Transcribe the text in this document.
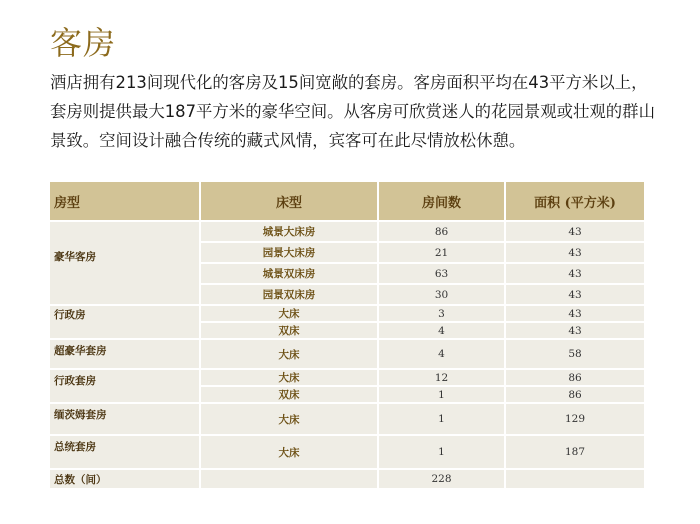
客房
酒店拥有213间现代化的客房及15间宽敞的套房。客房面积平均在43平方米以上，套房则提供最大187平方米的豪华空间。从客房可欣赏迷人的花园景观或壮观的群山景致。空间设计融合传统的藏式风情，宾客可在此尽情放松休憩。
房型	床型	房间数	面积 (平方米)
豪华客房	城景大床房	86	43
	园景大床房	21	43
	城景双床房	63	43
	园景双床房	30	43
行政房	大床	3	43
	双床	4	43
超豪华套房	大床	4	58
行政套房	大床	12	86
	双床	1	86
缅茨姆套房	大床	1	129
总统套房	大床	1	187
总数（间）		228	
